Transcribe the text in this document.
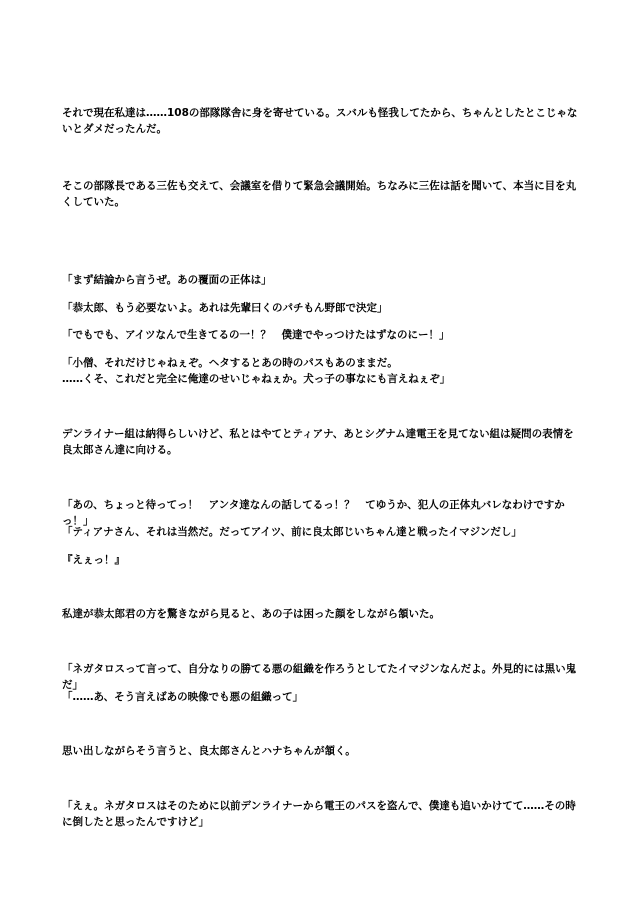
それで現在私達は……108の部隊隊舎に身を寄せている。スバルも怪我してたから、ちゃんとしたとこじゃないとダメだったんだ。

そこの部隊長である三佐も交えて、会議室を借りて緊急会議開始。ちなみに三佐は話を聞いて、本当に目を丸くしていた。

「まず結論から言うぜ。あの覆面の正体は」

「恭太郎、もう必要ないよ。あれは先輩曰くのパチもん野郎で決定」

「でもでも、アイツなんで生きてるの一！？　僕達でやっつけたはずなのにー！」

「小僧、それだけじゃねぇぞ。ヘタするとあの時のパスもあのままだ。

……くそ、これだと完全に俺達のせいじゃねぇか。犬っ子の事なにも言えねぇぞ」

デンライナー組は納得らしいけど、私とはやてとティアナ、あとシグナム達電王を見てない組は疑問の表情を良太郎さん達に向ける。

「あの、ちょっと待ってっ！　アンタ達なんの話してるっ！？　てゆうか、犯人の正体丸バレなわけですかっ！」

「ティアナさん、それは当然だ。だってアイツ、前に良太郎じいちゃん達と戦ったイマジンだし」

『えぇっ！』

私達が恭太郎君の方を驚きながら見ると、あの子は困った顔をしながら頷いた。

「ネガタロスって言って、自分なりの勝てる悪の組織を作ろうとしてたイマジンなんだよ。外見的には黒い鬼だ」

「……あ、そう言えばあの映像でも悪の組織って」

思い出しながらそう言うと、良太郎さんとハナちゃんが頷く。

「えぇ。ネガタロスはそのために以前デンライナーから電王のパスを盗んで、僕達も追いかけてて……その時に倒したと思ったんですけど」
